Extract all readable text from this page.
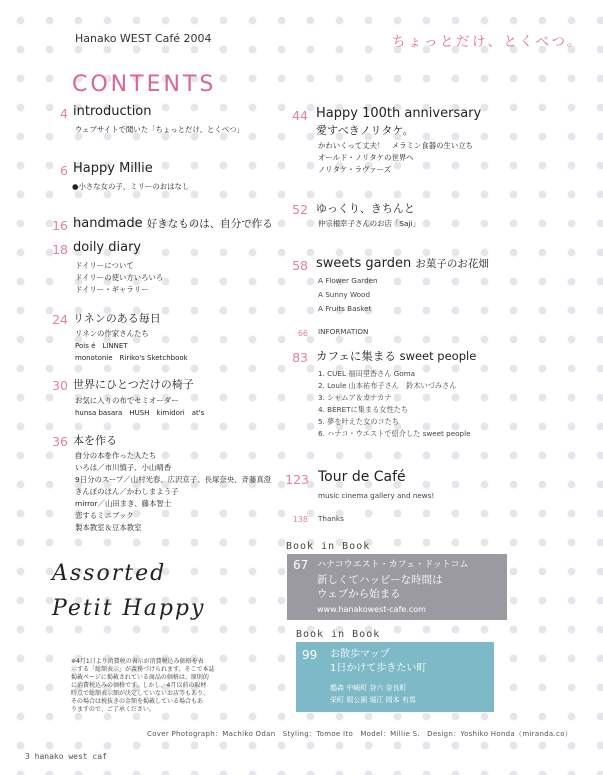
Hanako WEST Café 2004	ちょっとだけ、とくべつ。
CONTENTS
4 introduction
ウェブサイトで聞いた「ちょっとだけ、とくべつ」
6 Happy Millie
●小さな女の子、ミリーのおはなし
16 handmade 好きなものは、自分で作る
18 doily diary
ドイリーについて
ドイリーの使い方いろいろ
ドイリー・ギャラリー
24 リネンのある毎日
リネンの作家さんたち
Pois é　LINNET
monotonie　Ririko's Sketchbook
30 世界にひとつだけの椅子
お気に入りの布でセミオーダー
hunsa basara　HUSH　kimidori　at's
36 本を作る
自分の本を作った人たち
いろは／市川慎子、小山晴香
9日分のスープ／山村光春、広沢京子、長塚奈央、斉藤真澄
きんぽのほん／かわしまよう子
mirror／山田まき、藤本智士
恋するミニブック
製本教室＆豆本教室
44 Happy 100th anniversary
愛すべきノリタケ。
かわいくって丈夫！　メラミン食器の生い立ち
オールド・ノリタケの世界へ
ノリタケ・ラヴァーズ
52 ゆっくり、きちんと
仲宗根幸子さんのお店「Saji」
58 sweets garden お菓子のお花畑
A Flower Garden
A Sunny Wood
A Fruits Basket
66 INFORMATION
83 カフェに集まる sweet people
1. CUEL 福田里香さん Goma
2. Loule 山本祐布子さん　鈴木いづみさん
3. シャムア＆カナカナ
4. BÉRETに集まる女性たち
5. 夢を叶えた女のコたち
6. ハナコ・ウエストで紹介した sweet people
123 Tour de Café
music cinema gallery and news!
138 Thanks
Book in Book
67 ハナコウエスト・カフェ・ドットコム
新しくてハッピーな時間は
ウェブから始まる
www.hanakowest-cafe.com
Book in Book
99 お散歩マップ
1日かけて歩きたい町
鵲森 中崎町 谷六 奈良町
栄町 堀公園 堀江 岡本 有馬
Assorted
Petit Happy
※4月1日より消費税の表示が消費税込み価格を表
示する「総額表示」が義務づけられます。そこで本誌
掲載ページに掲載されている商品の価格は、原則的
に消費税込みの価格です。しかし、4月以前の取材
時点で総額表示額が決定していないお店等もあり、
その場合は税抜きの金額を掲載している場合もあ
りますので、ご了承ください。
Cover Photograph：Machiko Odan　Styling：Tomoe Ito　Model：Millie S.　Design：Yoshiko Honda（miranda.co）
3 hanako west caf
